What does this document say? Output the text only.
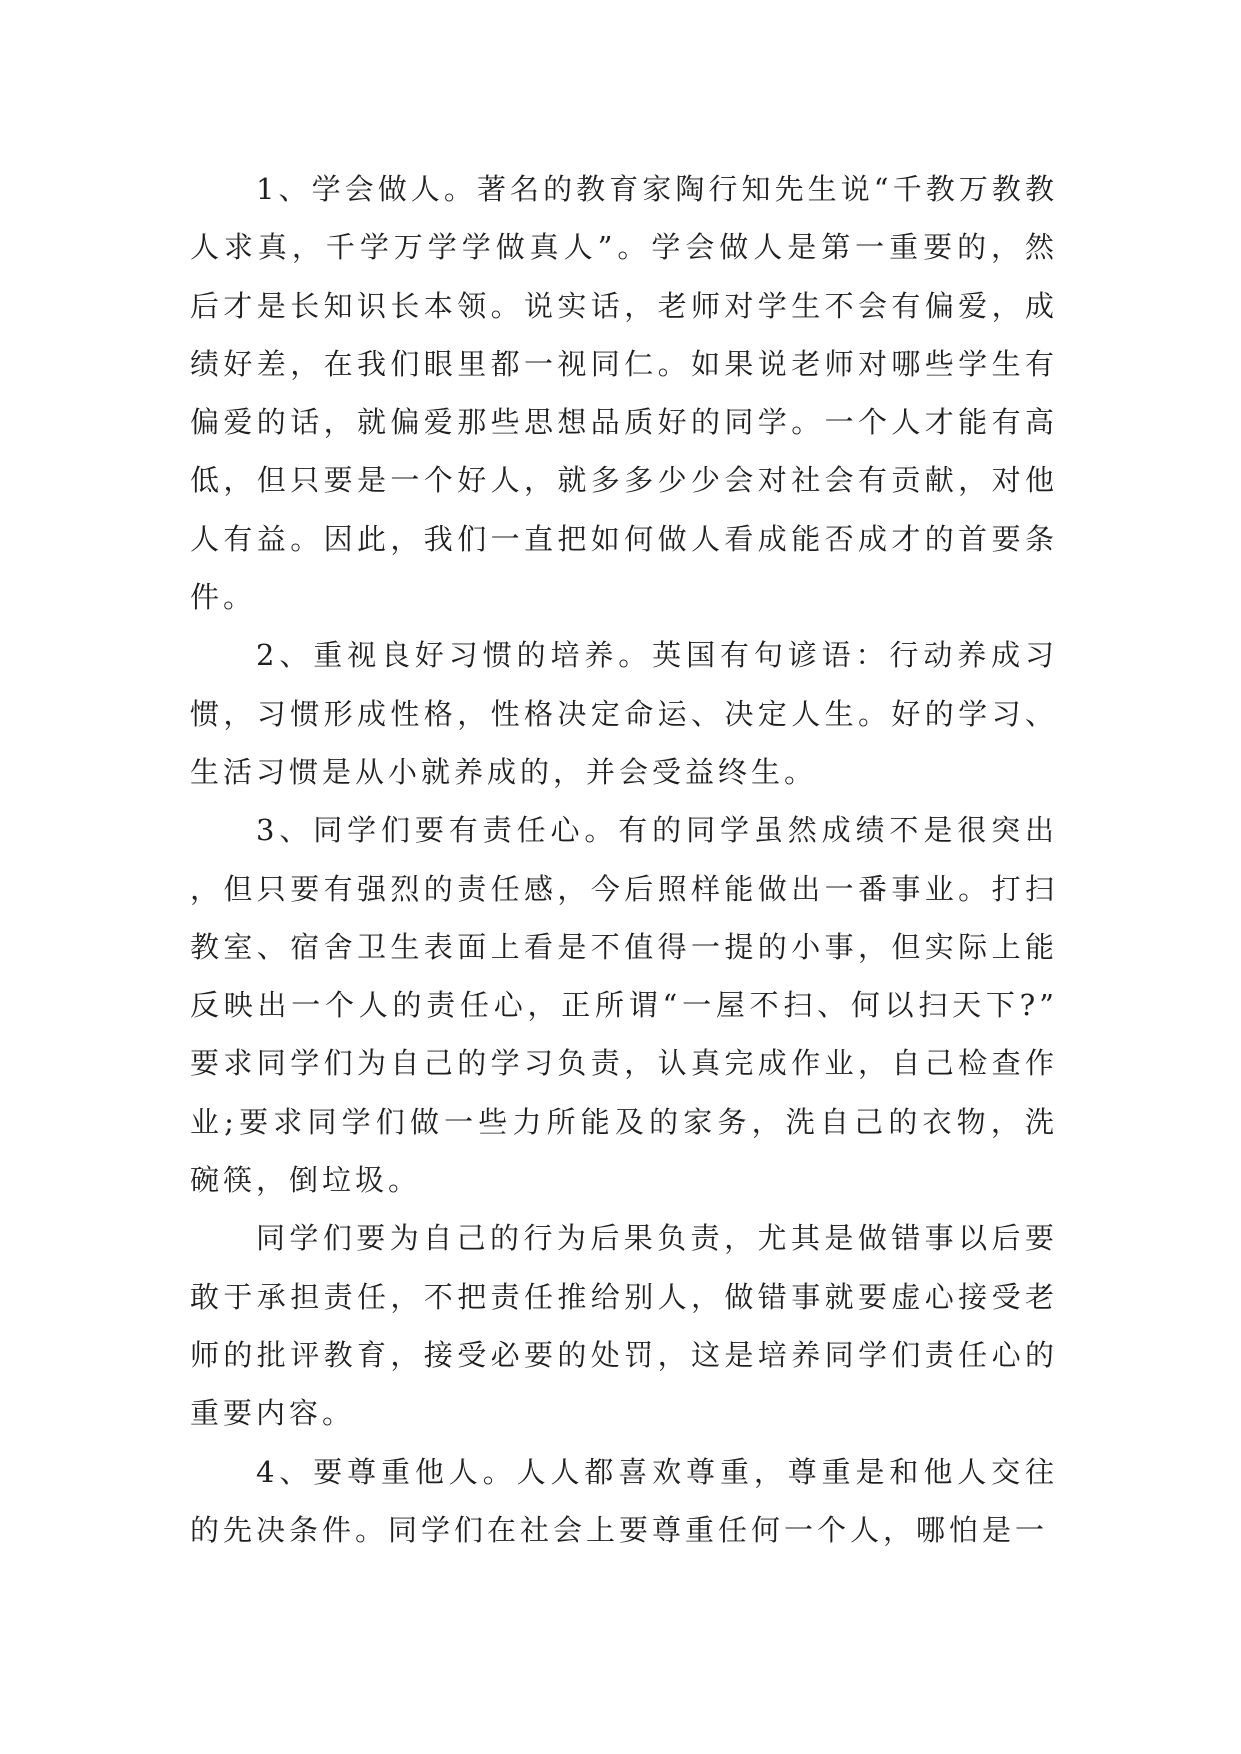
1、学会做人。著名的教育家陶行知先生说“千教万教教人求真，千学万学学做真人”。学会做人是第一重要的，然后才是长知识长本领。说实话，老师对学生不会有偏爱，成绩好差，在我们眼里都一视同仁。如果说老师对哪些学生有偏爱的话，就偏爱那些思想品质好的同学。一个人才能有高低，但只要是一个好人，就多多少少会对社会有贡献，对他人有益。因此，我们一直把如何做人看成能否成才的首要条件。

2、重视良好习惯的培养。英国有句谚语：行动养成习惯，习惯形成性格，性格决定命运、决定人生。好的学习、生活习惯是从小就养成的，并会受益终生。

3、同学们要有责任心。有的同学虽然成绩不是很突出，但只要有强烈的责任感，今后照样能做出一番事业。打扫教室、宿舍卫生表面上看是不值得一提的小事，但实际上能反映出一个人的责任心，正所谓“一屋不扫、何以扫天下?”要求同学们为自己的学习负责，认真完成作业，自己检查作业;要求同学们做一些力所能及的家务，洗自己的衣物，洗碗筷，倒垃圾。

同学们要为自己的行为后果负责，尤其是做错事以后要敢于承担责任，不把责任推给别人，做错事就要虚心接受老师的批评教育，接受必要的处罚，这是培养同学们责任心的重要内容。

4、要尊重他人。人人都喜欢尊重，尊重是和他人交往的先决条件。同学们在社会上要尊重任何一个人，哪怕是一
